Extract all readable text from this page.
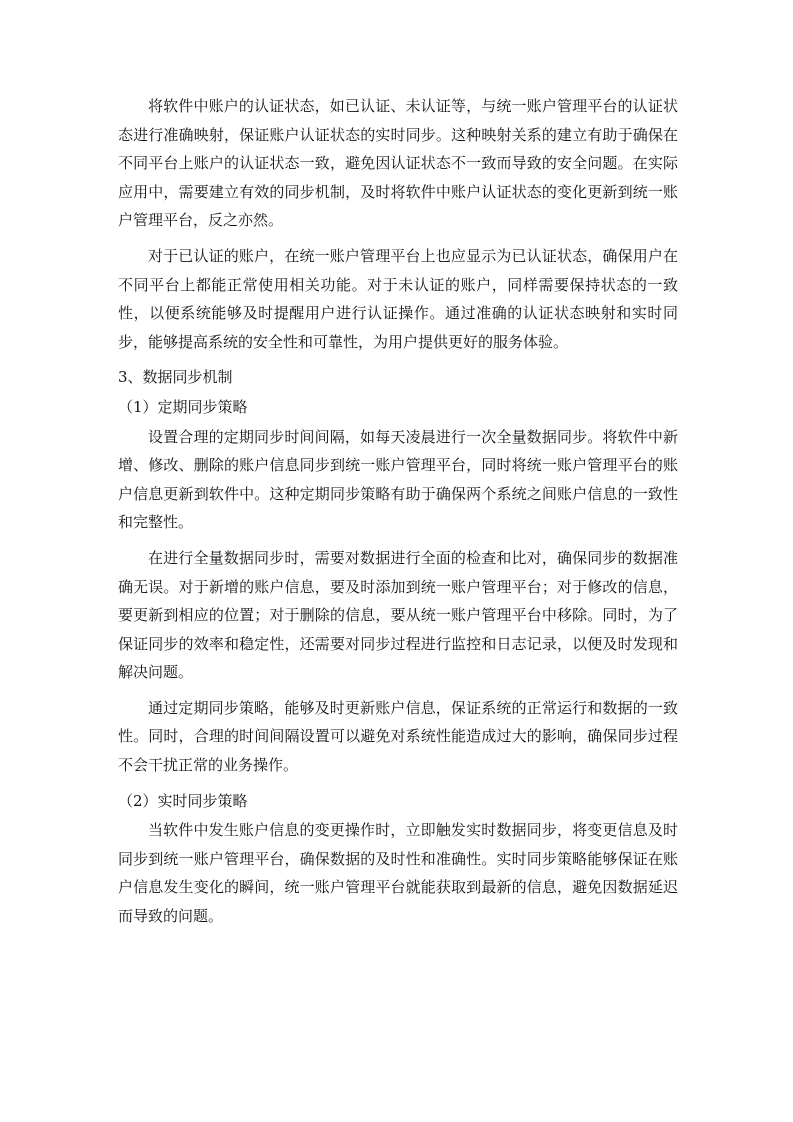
将软件中账户的认证状态，如已认证、未认证等，与统一账户管理平台的认证状态进行准确映射，保证账户认证状态的实时同步。这种映射关系的建立有助于确保在不同平台上账户的认证状态一致，避免因认证状态不一致而导致的安全问题。在实际应用中，需要建立有效的同步机制，及时将软件中账户认证状态的变化更新到统一账户管理平台，反之亦然。

对于已认证的账户，在统一账户管理平台上也应显示为已认证状态，确保用户在不同平台上都能正常使用相关功能。对于未认证的账户，同样需要保持状态的一致性，以便系统能够及时提醒用户进行认证操作。通过准确的认证状态映射和实时同步，能够提高系统的安全性和可靠性，为用户提供更好的服务体验。

3、数据同步机制

（1）定期同步策略

设置合理的定期同步时间间隔，如每天凌晨进行一次全量数据同步。将软件中新增、修改、删除的账户信息同步到统一账户管理平台，同时将统一账户管理平台的账户信息更新到软件中。这种定期同步策略有助于确保两个系统之间账户信息的一致性和完整性。

在进行全量数据同步时，需要对数据进行全面的检查和比对，确保同步的数据准确无误。对于新增的账户信息，要及时添加到统一账户管理平台；对于修改的信息，要更新到相应的位置；对于删除的信息，要从统一账户管理平台中移除。同时，为了保证同步的效率和稳定性，还需要对同步过程进行监控和日志记录，以便及时发现和解决问题。

通过定期同步策略，能够及时更新账户信息，保证系统的正常运行和数据的一致性。同时，合理的时间间隔设置可以避免对系统性能造成过大的影响，确保同步过程不会干扰正常的业务操作。

（2）实时同步策略

当软件中发生账户信息的变更操作时，立即触发实时数据同步，将变更信息及时同步到统一账户管理平台，确保数据的及时性和准确性。实时同步策略能够保证在账户信息发生变化的瞬间，统一账户管理平台就能获取到最新的信息，避免因数据延迟而导致的问题。
